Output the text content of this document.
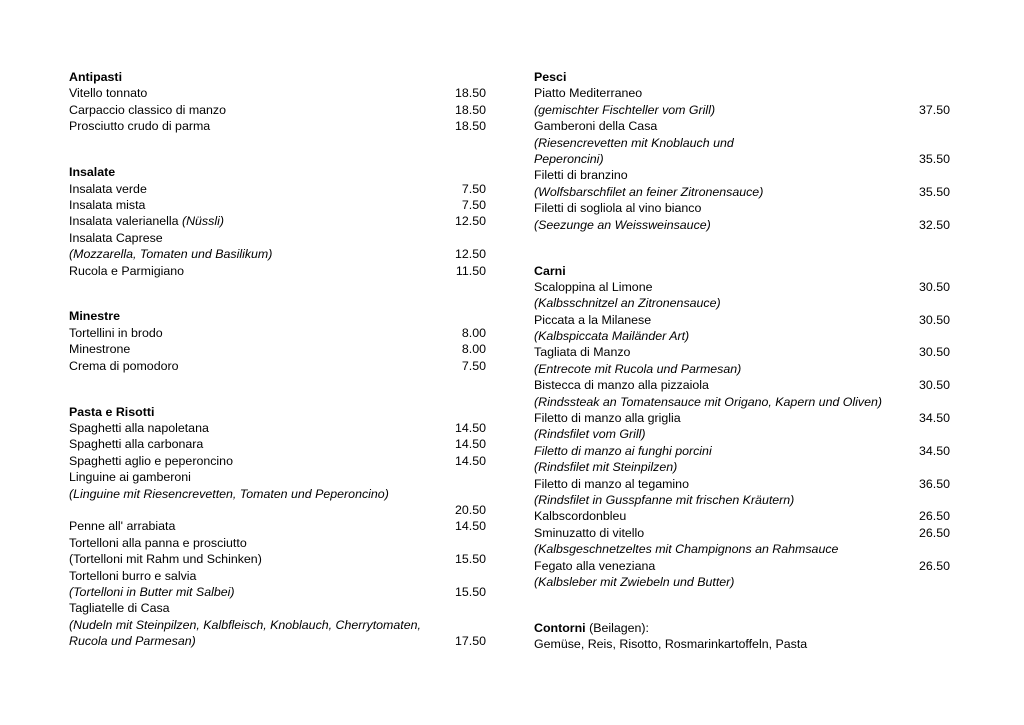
Antipasti
Vitello tonnato	18.50
Carpaccio classico di manzo	18.50
Prosciutto crudo di parma	18.50
Insalate
Insalata verde	7.50
Insalata mista	7.50
Insalata valerianella (Nüssli)	12.50
Insalata Caprese
(Mozzarella, Tomaten und Basilikum)	12.50
Rucola e Parmigiano	11.50
Minestre
Tortellini in brodo	8.00
Minestrone	8.00
Crema di pomodoro	7.50
Pasta e Risotti
Spaghetti alla napoletana	14.50
Spaghetti alla carbonara	14.50
Spaghetti aglio e peperoncino	14.50
Linguine ai gamberoni
(Linguine mit Riesencrevetten, Tomaten und Peperoncino)
20.50
Penne all' arrabiata	14.50
Tortelloni alla panna e prosciutto
(Tortelloni mit Rahm und Schinken)	15.50
Tortelloni burro e salvia
(Tortelloni in Butter mit Salbei)	15.50
Tagliatelle di Casa
(Nudeln mit Steinpilzen, Kalbfleisch, Knoblauch, Cherrytomaten,
Rucola und Parmesan)	17.50
Pesci
Piatto Mediterraneo
(gemischter Fischteller vom Grill)	37.50
Gamberoni della Casa
(Riesencrevetten mit Knoblauch und
Peperoncini)	35.50
Filetti di branzino
(Wolfsbarschfilet an feiner Zitronensauce)	35.50
Filetti di sogliola al vino bianco
(Seezunge an Weissweinsauce)	32.50
Carni
Scaloppina al Limone	30.50
(Kalbsschnitzel an Zitronensauce)
Piccata a la Milanese	30.50
(Kalbspiccata Mailänder Art)
Tagliata di Manzo	30.50
(Entrecote mit Rucola und Parmesan)
Bistecca di manzo alla pizzaiola	30.50
(Rindssteak an Tomatensauce mit Origano, Kapern und Oliven)
Filetto di manzo alla griglia	34.50
(Rindsfilet vom Grill)
Filetto di manzo ai funghi porcini	34.50
(Rindsfilet mit Steinpilzen)
Filetto di manzo al tegamino	36.50
(Rindsfilet in Gusspfanne mit frischen Kräutern)
Kalbscordonbleu	26.50
Sminuzatto di vitello	26.50
(Kalbsgeschnetzeltes mit Champignons an Rahmsauce
Fegato alla veneziana	26.50
(Kalbsleber mit Zwiebeln und Butter)
Contorni (Beilagen):
Gemüse, Reis, Risotto, Rosmarinkartoffeln, Pasta
